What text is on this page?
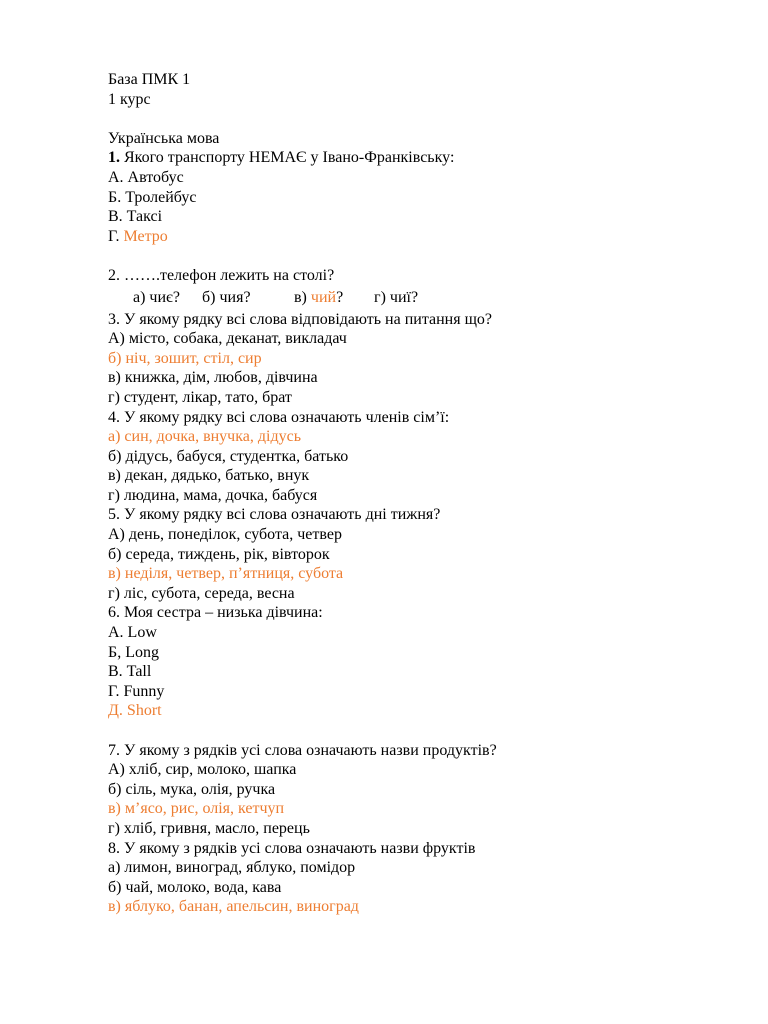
База ПМК 1
1 курс
Українська мова
1. Якого транспорту НЕМАЄ у Івано-Франківську:
А. Автобус
Б. Тролейбус
В. Таксі
Г. Метро
2. …….телефон лежить на столі?
а) чиє? б) чия?	в) чий? г) чиї?
3. У якому рядку всі слова відповідають на питання що?
А) місто, собака, деканат, викладач
б) ніч, зошит, стіл, сир
в) книжка, дім, любов, дівчина
г) студент, лікар, тато, брат
4. У якому рядку всі слова означають членів сім’ї:
а) син, дочка, внучка, дідусь
б) дідусь, бабуся, студентка, батько
в) декан, дядько, батько, внук
г) людина, мама, дочка, бабуся
5. У якому рядку всі слова означають дні тижня?
А) день, понеділок, субота, четвер
б) середа, тиждень, рік, вівторок
в) неділя, четвер, п’ятниця, субота
г) ліс, субота, середа, весна
6. Моя сестра – низька дівчина:
А. Low
Б, Long
В. Tall
Г. Funny
Д. Short
7. У якому з рядків усі слова означають назви продуктів?
А) хліб, сир, молоко, шапка
б) сіль, мука, олія, ручка
в) м’ясо, рис, олія, кетчуп
г) хліб, гривня, масло, перець
8. У якому з рядків усі слова означають назви фруктів
а) лимон, виноград, яблуко, помідор
б) чай, молоко, вода, кава
в) яблуко, банан, апельсин, виноград
